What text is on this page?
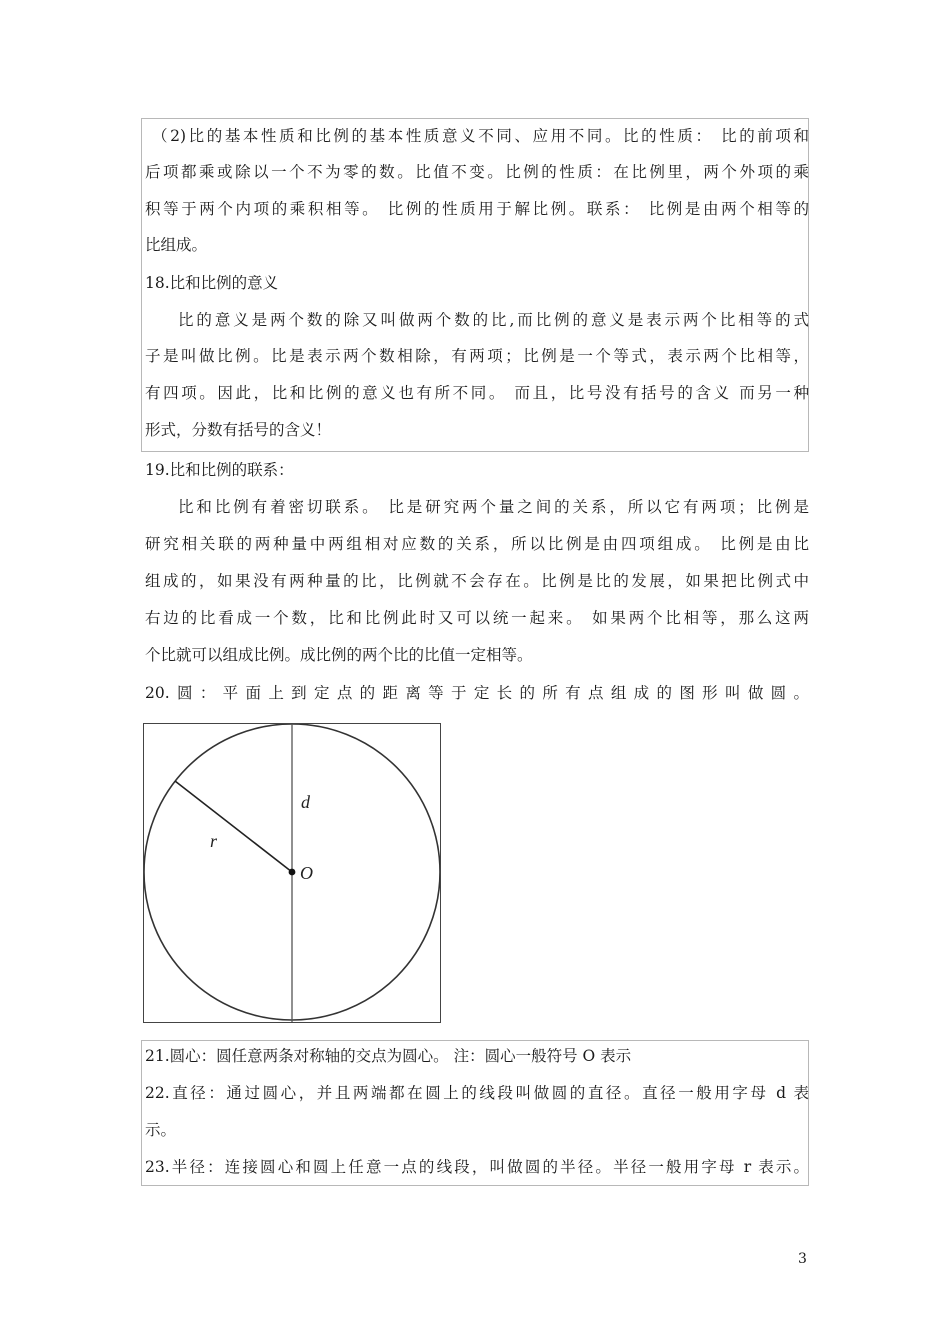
（2)比的基本性质和比例的基本性质意义不同、应用不同。比的性质： 比的前项和
后项都乘或除以一个不为零的数。比值不变。比例的性质：在比例里，两个外项的乘
积等于两个内项的乘积相等。 比例的性质用于解比例。联系： 比例是由两个相等的
比组成。
18.比和比例的意义
比的意义是两个数的除又叫做两个数的比,而比例的意义是表示两个比相等的式
子是叫做比例。比是表示两个数相除，有两项；比例是一个等式，表示两个比相等，
有四项。因此，比和比例的意义也有所不同。 而且，比号没有括号的含义 而另一种
形式，分数有括号的含义！
19.比和比例的联系：
比和比例有着密切联系。 比是研究两个量之间的关系，所以它有两项；比例是
研究相关联的两种量中两组相对应数的关系，所以比例是由四项组成。 比例是由比
组成的，如果没有两种量的比，比例就不会存在。比例是比的发展，如果把比例式中
右边的比看成一个数，比和比例此时又可以统一起来。 如果两个比相等，那么这两
个比就可以组成比例。成比例的两个比的比值一定相等。
20.圆：平面上到定点的距离等于定长的所有点组成的图形叫做圆。
d
r
O
21.圆心：圆任意两条对称轴的交点为圆心。 注：圆心一般符号 O 表示
22.直径：通过圆心，并且两端都在圆上的线段叫做圆的直径。直径一般用字母 d 表
示。
23.半径：连接圆心和圆上任意一点的线段，叫做圆的半径。半径一般用字母 r 表示。
3
